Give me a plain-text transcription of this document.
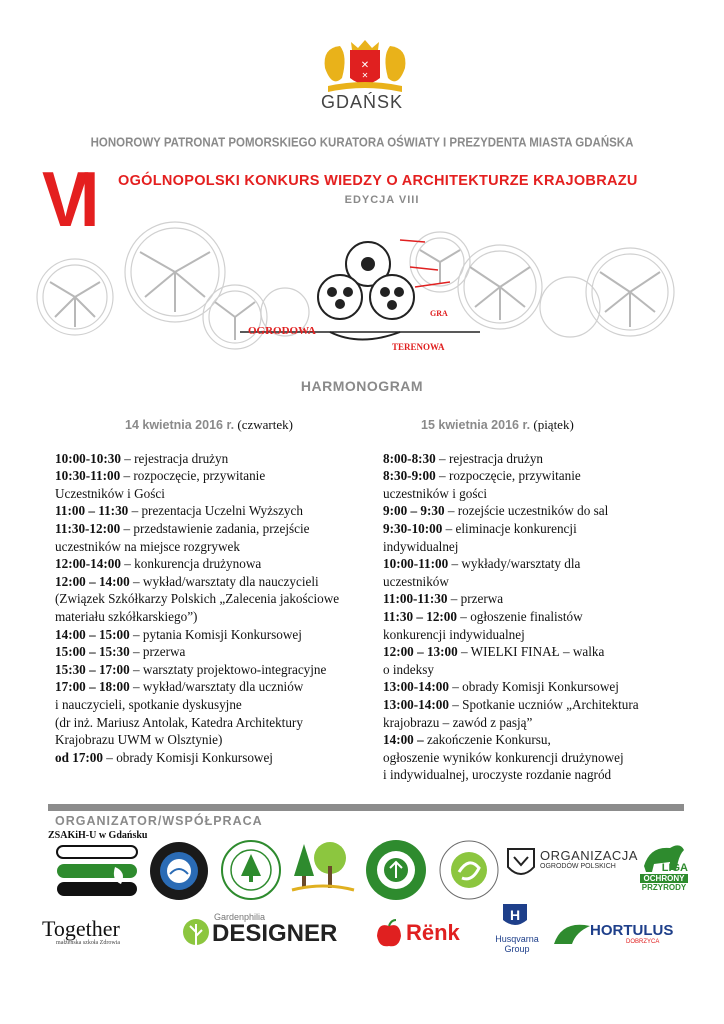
✕
✕
GDAŃSK
HONOROWY PATRONAT POMORSKIEGO KURATORA OŚWIATY I PREZYDENTA MIASTA GDAŃSKA
VI OGÓLNOPOLSKI KONKURS WIEDZY O ARCHITEKTURZE KRAJOBRAZU
EDYCJA VIII
OGRODOWA
GRA
TERENOWA
HARMONOGRAM
14 kwietnia 2016 r. (czwartek)
10:00-10:30 – rejestracja drużyn
10:30-11:00 – rozpoczęcie, przywitanie
Uczestników i Gości
11:00 – 11:30 – prezentacja Uczelni Wyższych
11:30-12:00 – przedstawienie zadania, przejście
uczestników na miejsce rozgrywek
12:00-14:00 – konkurencja drużynowa
12:00 – 14:00 – wykład/warsztaty dla nauczycieli
(Związek Szkółkarzy Polskich „Zalecenia jakościowe
materiału szkółkarskiego”)
14:00 – 15:00 – pytania Komisji Konkursowej
15:00 – 15:30 – przerwa
15:30 – 17:00 – warsztaty projektowo-integracyjne
17:00 – 18:00 – wykład/warsztaty dla uczniów
i nauczycieli, spotkanie dyskusyjne
(dr inż. Mariusz Antolak, Katedra Architektury
Krajobrazu UWM w Olsztynie)
od 17:00 – obrady Komisji Konkursowej
15 kwietnia 2016 r. (piątek)
8:00-8:30 – rejestracja drużyn
8:30-9:00 – rozpoczęcie, przywitanie
uczestników i gości
9:00 – 9:30 – rozejście uczestników do sal
9:30-10:00 – eliminacje konkurencji
indywidualnej
10:00-11:00 – wykłady/warsztaty dla
uczestników
11:00-11:30 – przerwa
11:30 – 12:00 – ogłoszenie finalistów
konkurencji indywidualnej
12:00 – 13:00 – WIELKI FINAŁ – walka
o indeksy
13:00-14:00 – obrady Komisji Konkursowej
13:00-14:00 – Spotkanie uczniów „Architektura
krajobrazu – zawód z pasją”
14:00 – zakończenie Konkursu,
ogłoszenie wyników konkurencji drużynowej
i indywidualnej, uroczyste rozdanie nagród
ORGANIZATOR/WSPÓŁPRACA
ZSAKiH-U w Gdańsku
ORGANIZACJA
OGRODÓW POLSKICH	LIGA
OCHRONY
PRZYRODY
Together
małżeńska szkoła Zdrowia
Gardenphilia
DESIGNER	Rënk
H
Husqvarna
Group
HORTULUS
DOBRZYCA
